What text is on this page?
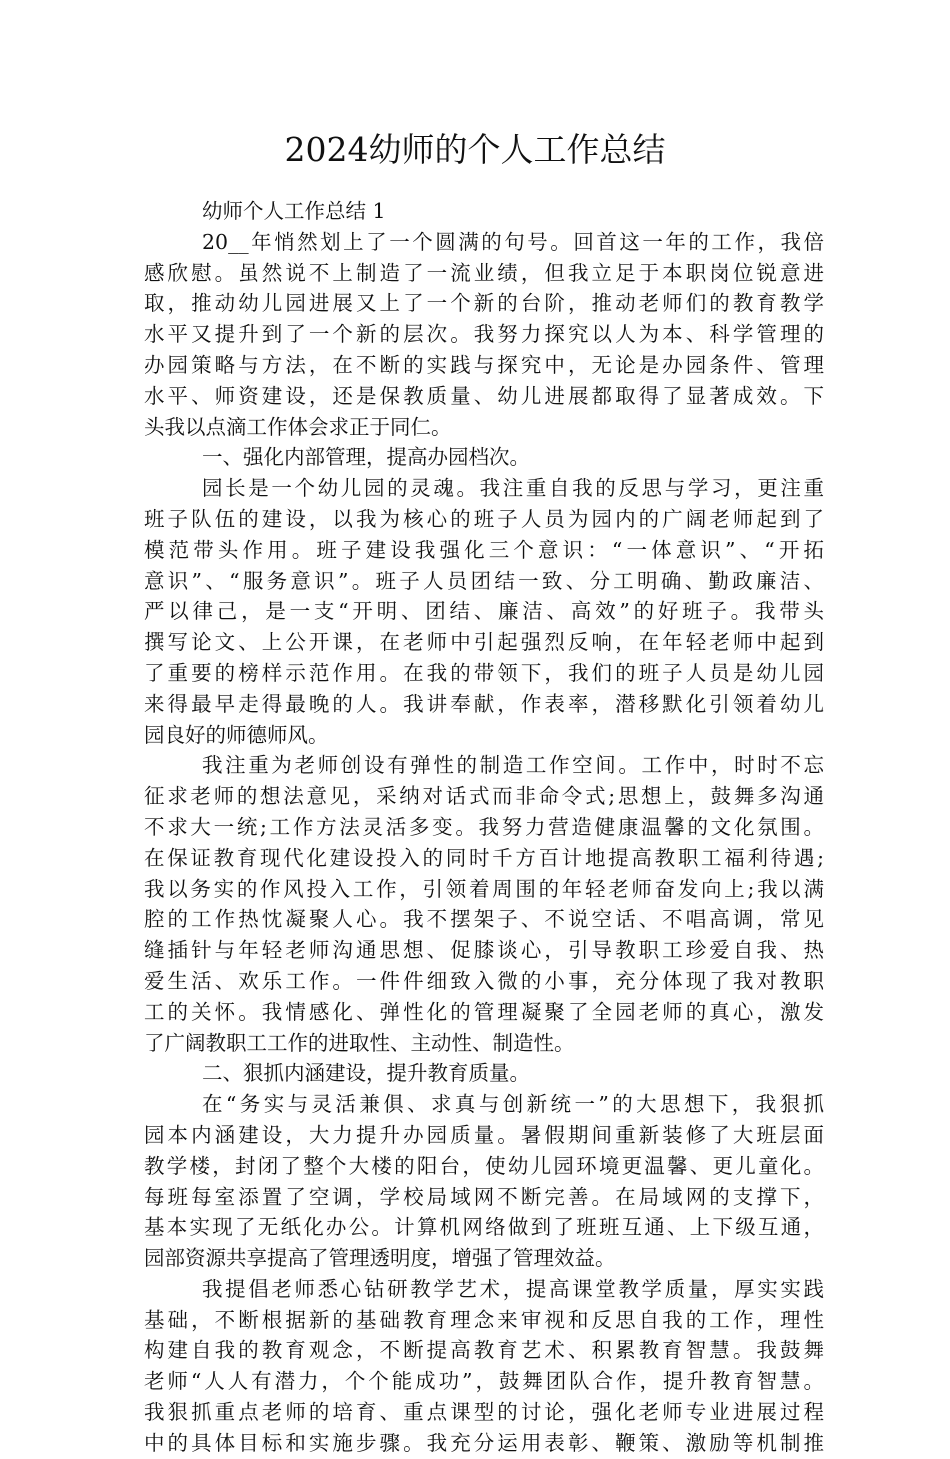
2024幼师的个人工作总结
幼师个人工作总结 1
20__年悄然划上了一个圆满的句号。回首这一年的工作，我倍
感欣慰。虽然说不上制造了一流业绩，但我立足于本职岗位锐意进
取，推动幼儿园进展又上了一个新的台阶，推动老师们的教育教学
水平又提升到了一个新的层次。我努力探究以人为本、科学管理的
办园策略与方法，在不断的实践与探究中，无论是办园条件、管理
水平、师资建设，还是保教质量、幼儿进展都取得了显著成效。下
头我以点滴工作体会求正于同仁。
一、强化内部管理，提高办园档次。
园长是一个幼儿园的灵魂。我注重自我的反思与学习，更注重
班子队伍的建设，以我为核心的班子人员为园内的广阔老师起到了
模范带头作用。班子建设我强化三个意识：“一体意识”、“开拓
意识”、“服务意识”。班子人员团结一致、分工明确、勤政廉洁、
严以律己，是一支“开明、团结、廉洁、高效”的好班子。我带头
撰写论文、上公开课，在老师中引起强烈反响，在年轻老师中起到
了重要的榜样示范作用。在我的带领下，我们的班子人员是幼儿园
来得最早走得最晚的人。我讲奉献，作表率，潜移默化引领着幼儿
园良好的师德师风。
我注重为老师创设有弹性的制造工作空间。工作中，时时不忘
征求老师的想法意见，采纳对话式而非命令式;思想上，鼓舞多沟通
不求大一统;工作方法灵活多变。我努力营造健康温馨的文化氛围。
在保证教育现代化建设投入的同时千方百计地提高教职工福利待遇;
我以务实的作风投入工作，引领着周围的年轻老师奋发向上;我以满
腔的工作热忱凝聚人心。我不摆架子、不说空话、不唱高调，常见
缝插针与年轻老师沟通思想、促膝谈心，引导教职工珍爱自我、热
爱生活、欢乐工作。一件件细致入微的小事，充分体现了我对教职
工的关怀。我情感化、弹性化的管理凝聚了全园老师的真心，激发
了广阔教职工工作的进取性、主动性、制造性。
二、狠抓内涵建设，提升教育质量。
在“务实与灵活兼俱、求真与创新统一”的大思想下，我狠抓
园本内涵建设，大力提升办园质量。暑假期间重新装修了大班层面
教学楼，封闭了整个大楼的阳台，使幼儿园环境更温馨、更儿童化。
每班每室添置了空调，学校局域网不断完善。在局域网的支撑下，
基本实现了无纸化办公。计算机网络做到了班班互通、上下级互通，
园部资源共享提高了管理透明度，增强了管理效益。
我提倡老师悉心钻研教学艺术，提高课堂教学质量，厚实实践
基础，不断根据新的基础教育理念来审视和反思自我的工作，理性
构建自我的教育观念，不断提高教育艺术、积累教育智慧。我鼓舞
老师“人人有潜力，个个能成功”，鼓舞团队合作，提升教育智慧。
我狠抓重点老师的培育、重点课型的讨论，强化老师专业进展过程
中的具体目标和实施步骤。我充分运用表彰、鞭策、激励等机制推
